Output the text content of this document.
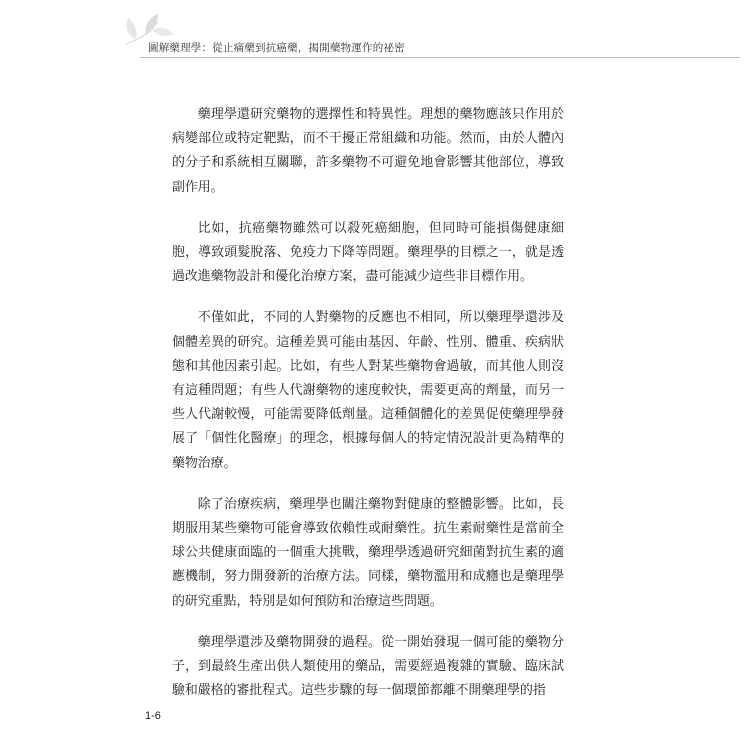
圖解藥理學：從止痛藥到抗癌藥，揭開藥物運作的祕密

藥理學還研究藥物的選擇性和特異性。理想的藥物應該只作用於病變部位或特定靶點，而不干擾正常組織和功能。然而，由於人體內的分子和系統相互關聯，許多藥物不可避免地會影響其他部位，導致副作用。

比如，抗癌藥物雖然可以殺死癌細胞，但同時可能損傷健康細胞，導致頭髮脫落、免疫力下降等問題。藥理學的目標之一，就是透過改進藥物設計和優化治療方案，盡可能減少這些非目標作用。

不僅如此，不同的人對藥物的反應也不相同，所以藥理學還涉及個體差異的研究。這種差異可能由基因、年齡、性別、體重、疾病狀態和其他因素引起。比如，有些人對某些藥物會過敏，而其他人則沒有這種問題；有些人代謝藥物的速度較快，需要更高的劑量，而另一些人代謝較慢，可能需要降低劑量。這種個體化的差異促使藥理學發展了「個性化醫療」的理念，根據每個人的特定情況設計更為精準的藥物治療。

除了治療疾病，藥理學也關注藥物對健康的整體影響。比如，長期服用某些藥物可能會導致依賴性或耐藥性。抗生素耐藥性是當前全球公共健康面臨的一個重大挑戰，藥理學透過研究細菌對抗生素的適應機制，努力開發新的治療方法。同樣，藥物濫用和成癮也是藥理學的研究重點，特別是如何預防和治療這些問題。

藥理學還涉及藥物開發的過程。從一開始發現一個可能的藥物分子，到最終生產出供人類使用的藥品，需要經過複雜的實驗、臨床試驗和嚴格的審批程式。這些步驟的每一個環節都離不開藥理學的指

1-6
